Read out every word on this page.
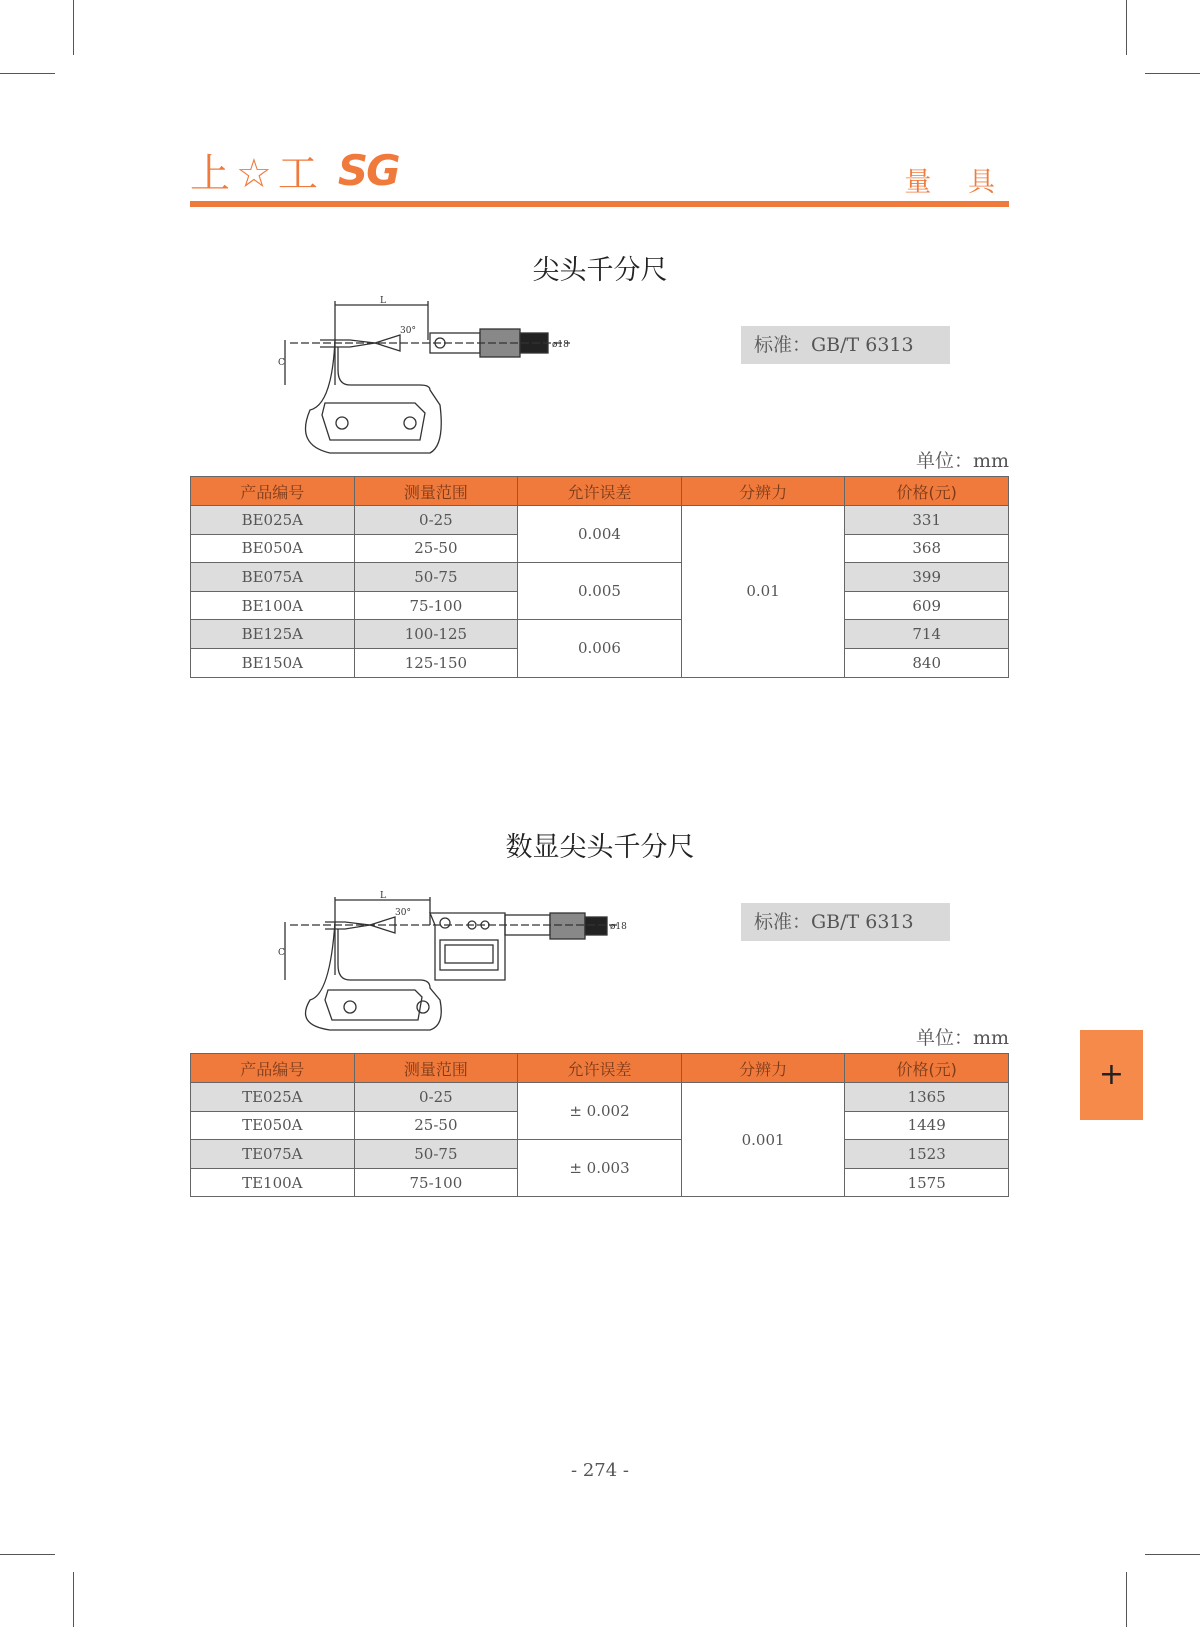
上☆工 SG	量 具
尖头千分尺
L
30°
C
ø18	标准：GB/T 6313
单位：mm
产品编号	测量范围	允许误差	分辨力	价格(元)
BE025A	0-25	0.004	0.01	331
BE050A	25-50			368
BE075A	50-75	0.005		399
BE100A	75-100			609
BE125A	100-125	0.006		714
BE150A	125-150			840
数显尖头千分尺
L
30°
C
ø18	标准：GB/T 6313
单位：mm
产品编号	测量范围	允许误差	分辨力	价格(元)
TE025A	0-25	± 0.002	0.001	1365
TE050A	25-50			1449
TE075A	50-75	± 0.003		1523
TE100A	75-100			1575
+
- 274 -
